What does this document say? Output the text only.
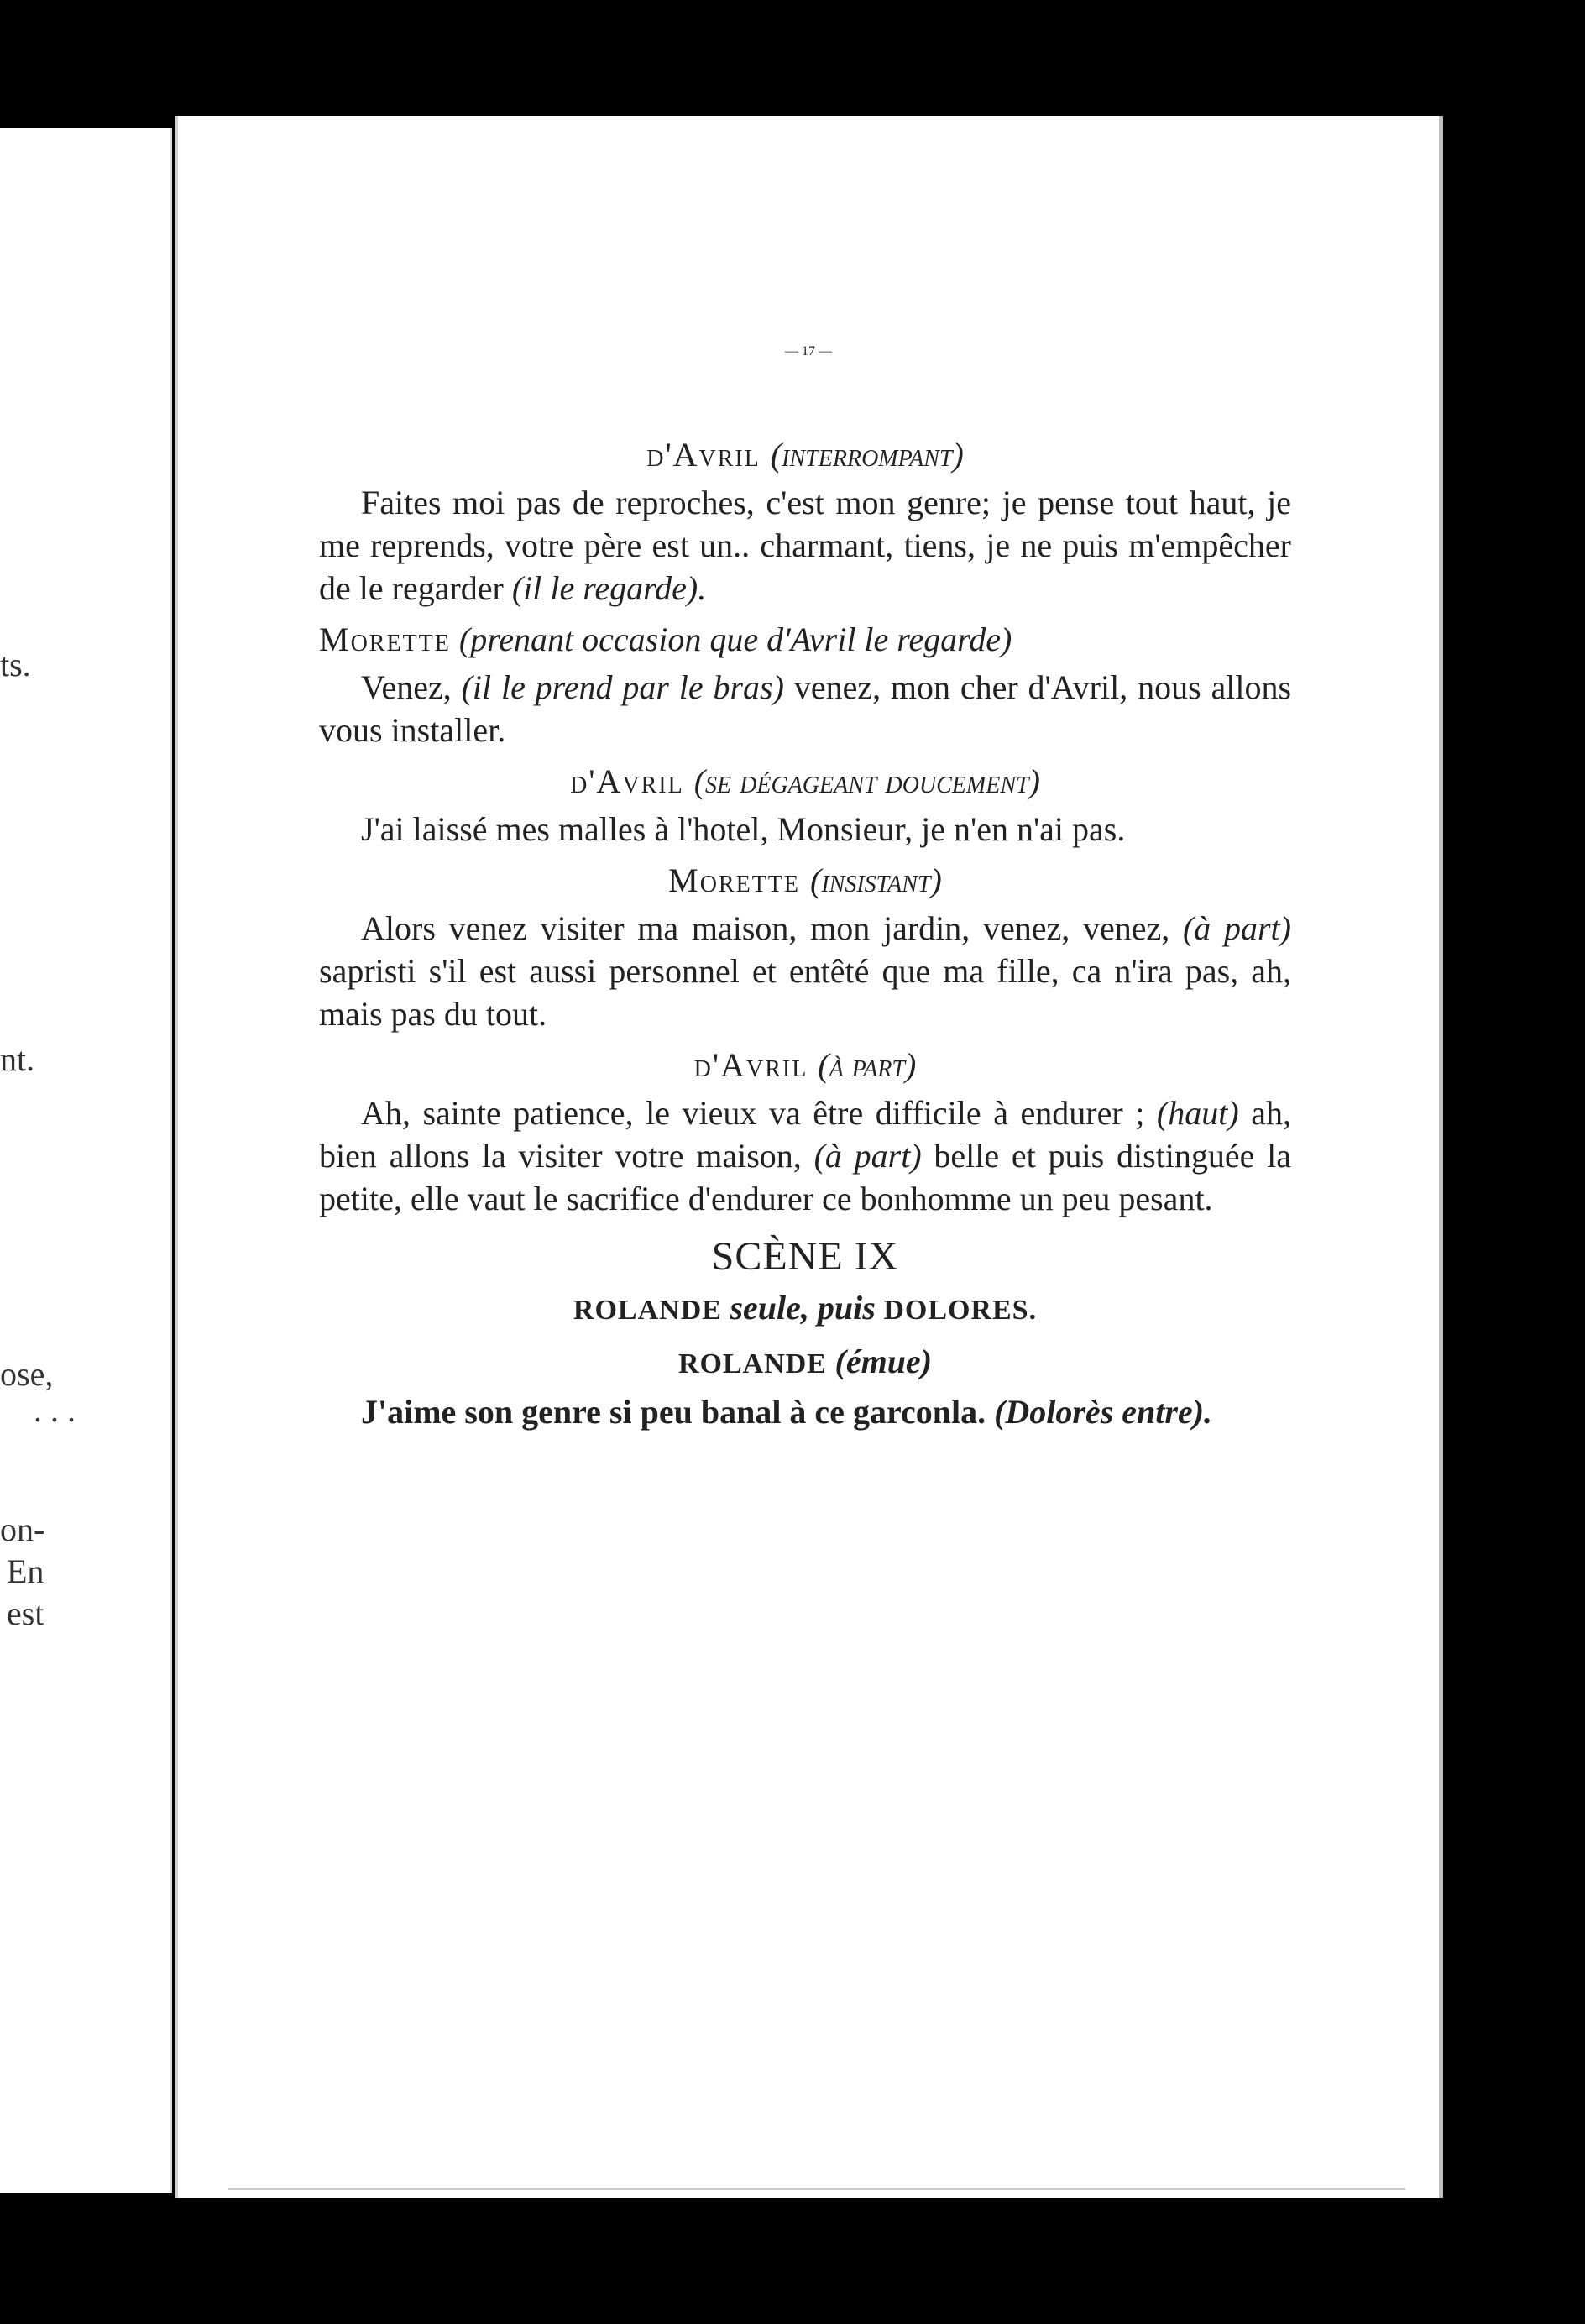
ts.
nt.
ose,
. . .
on-
En
est
— 17 —
d'Avril (interrompant)

Faites moi pas de reproches, c'est mon genre; je pense tout haut, je me reprends, votre père est un.. charmant, tiens, je ne puis m'empêcher de le regarder (il le regarde).

Morette (prenant occasion que d'Avril le regarde)

Venez, (il le prend par le bras) venez, mon cher d'Avril, nous allons vous installer.

d'Avril (se dégageant doucement)

J'ai laissé mes malles à l'hotel, Monsieur, je n'en n'ai pas.

Morette (insistant)

Alors venez visiter ma maison, mon jardin, venez, venez, (à part) sapristi s'il est aussi personnel et entêté que ma fille, ca n'ira pas, ah, mais pas du tout.

d'Avril (à part)

Ah, sainte patience, le vieux va être difficile à endurer ; (haut) ah, bien allons la visiter votre maison, (à part) belle et puis distinguée la petite, elle vaut le sacrifice d'endurer ce bonhomme un peu pesant.

SCÈNE IX
ROLANDE seule, puis DOLORES.
ROLANDE (émue)

J'aime son genre si peu banal à ce garconla. (Dolorès entre).
